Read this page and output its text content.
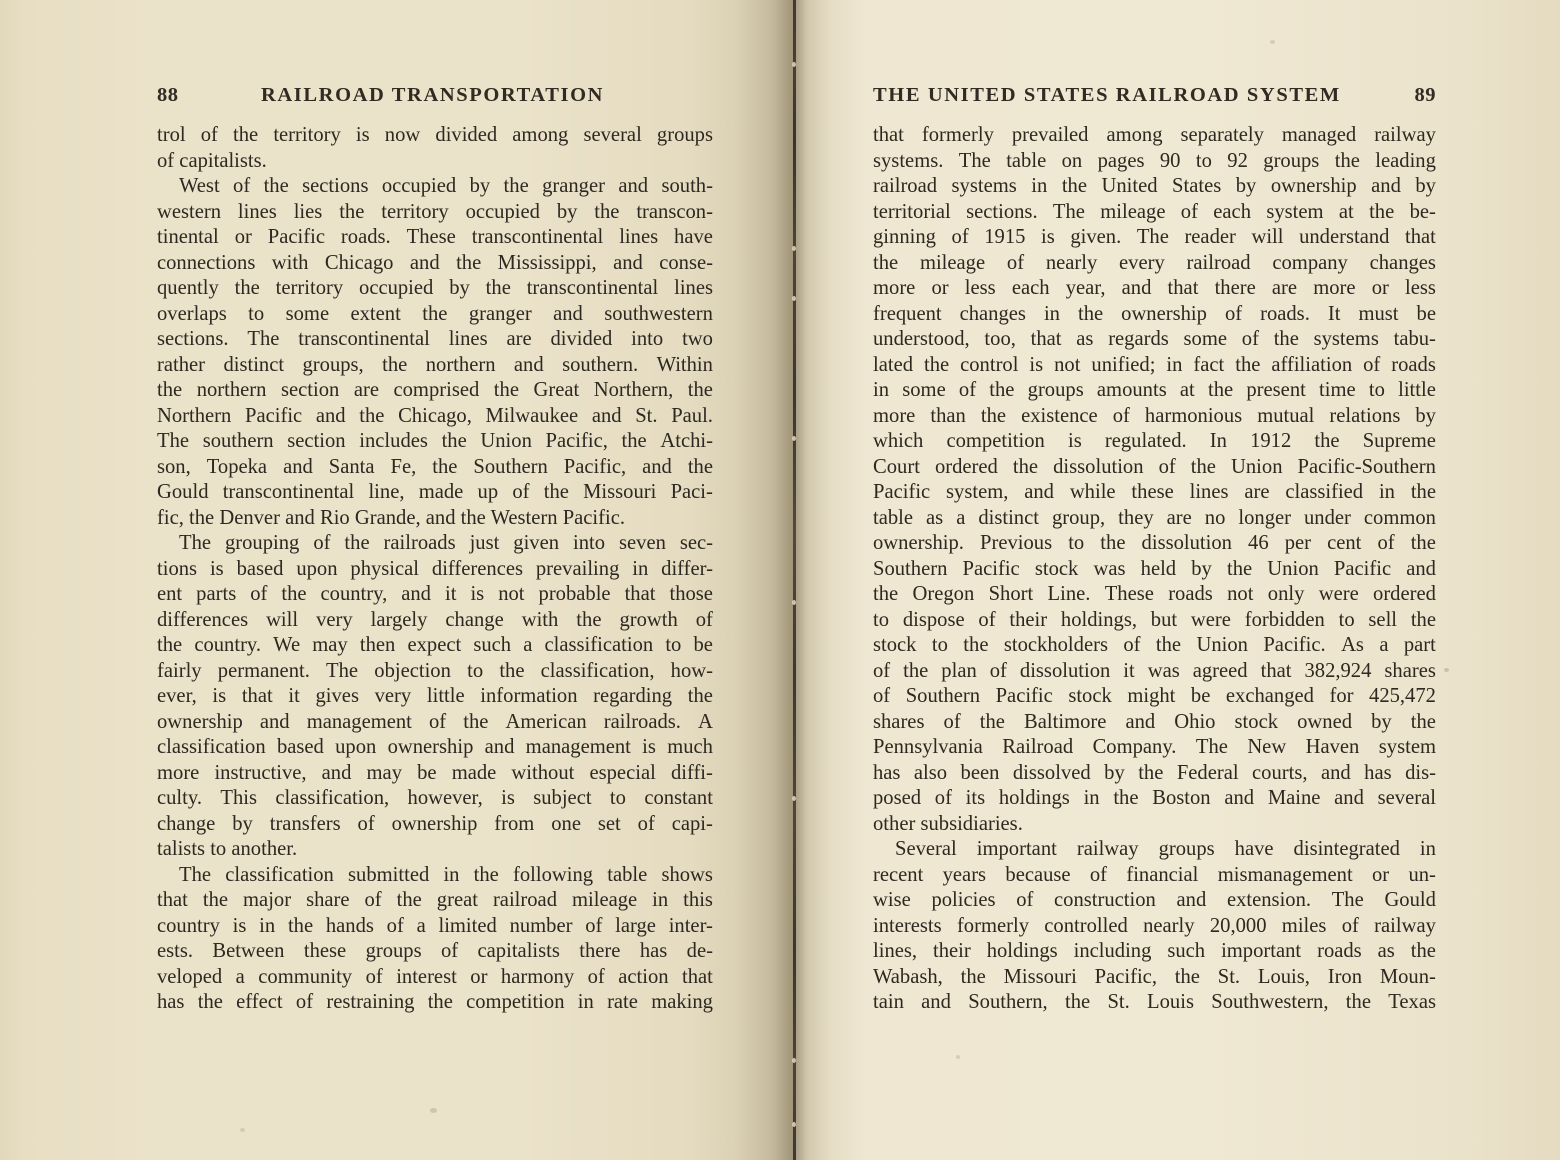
88	RAILROAD TRANSPORTATION	THE UNITED STATES RAILROAD SYSTEM	89

trol of the territory is now divided among several groups
of capitalists.

West of the sections occupied by the granger and south-
western lines lies the territory occupied by the transcon-
tinental or Pacific roads. These transcontinental lines have
connections with Chicago and the Mississippi, and conse-
quently the territory occupied by the transcontinental lines
overlaps to some extent the granger and southwestern
sections. The transcontinental lines are divided into two
rather distinct groups, the northern and southern. Within
the northern section are comprised the Great Northern, the
Northern Pacific and the Chicago, Milwaukee and St. Paul.
The southern section includes the Union Pacific, the Atchi-
son, Topeka and Santa Fe, the Southern Pacific, and the
Gould transcontinental line, made up of the Missouri Paci-
fic, the Denver and Rio Grande, and the Western Pacific.

The grouping of the railroads just given into seven sec-
tions is based upon physical differences prevailing in differ-
ent parts of the country, and it is not probable that those
differences will very largely change with the growth of
the country. We may then expect such a classification to be
fairly permanent. The objection to the classification, how-
ever, is that it gives very little information regarding the
ownership and management of the American railroads. A
classification based upon ownership and management is much
more instructive, and may be made without especial diffi-
culty. This classification, however, is subject to constant
change by transfers of ownership from one set of capi-
talists to another.

The classification submitted in the following table shows
that the major share of the great railroad mileage in this
country is in the hands of a limited number of large inter-
ests. Between these groups of capitalists there has de-
veloped a community of interest or harmony of action that
has the effect of restraining the competition in rate making

that formerly prevailed among separately managed railway
systems. The table on pages 90 to 92 groups the leading
railroad systems in the United States by ownership and by
territorial sections. The mileage of each system at the be-
ginning of 1915 is given. The reader will understand that
the mileage of nearly every railroad company changes
more or less each year, and that there are more or less
frequent changes in the ownership of roads. It must be
understood, too, that as regards some of the systems tabu-
lated the control is not unified; in fact the affiliation of roads
in some of the groups amounts at the present time to little
more than the existence of harmonious mutual relations by
which competition is regulated. In 1912 the Supreme
Court ordered the dissolution of the Union Pacific-Southern
Pacific system, and while these lines are classified in the
table as a distinct group, they are no longer under common
ownership. Previous to the dissolution 46 per cent of the
Southern Pacific stock was held by the Union Pacific and
the Oregon Short Line. These roads not only were ordered
to dispose of their holdings, but were forbidden to sell the
stock to the stockholders of the Union Pacific. As a part
of the plan of dissolution it was agreed that 382,924 shares
of Southern Pacific stock might be exchanged for 425,472
shares of the Baltimore and Ohio stock owned by the
Pennsylvania Railroad Company. The New Haven system
has also been dissolved by the Federal courts, and has dis-
posed of its holdings in the Boston and Maine and several
other subsidiaries.

Several important railway groups have disintegrated in
recent years because of financial mismanagement or un-
wise policies of construction and extension. The Gould
interests formerly controlled nearly 20,000 miles of railway
lines, their holdings including such important roads as the
Wabash, the Missouri Pacific, the St. Louis, Iron Moun-
tain and Southern, the St. Louis Southwestern, the Texas
